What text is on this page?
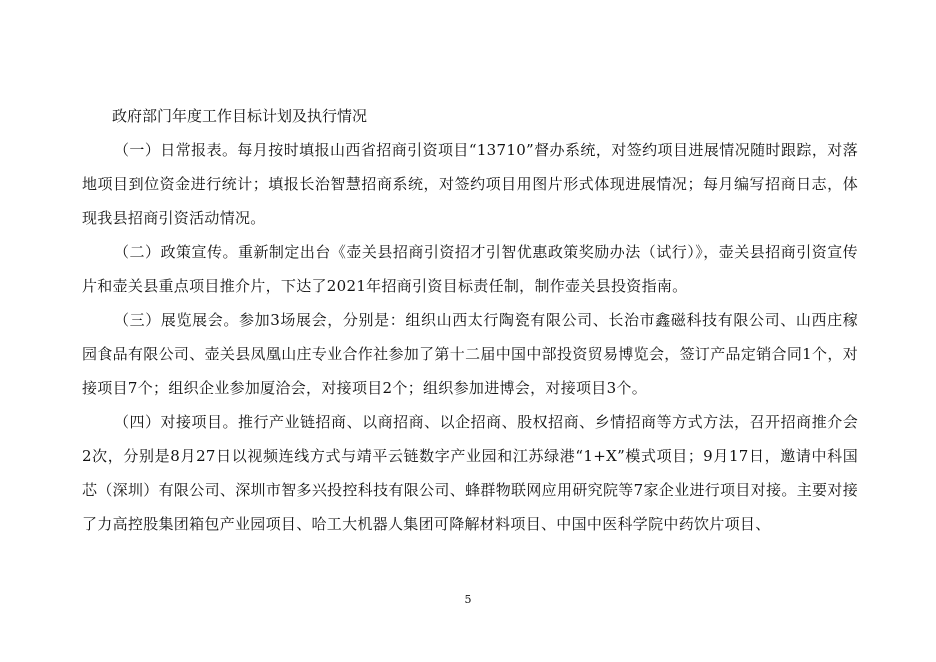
政府部门年度工作目标计划及执行情况

（一）日常报表。每月按时填报山西省招商引资项目“13710”督办系统，对签约项目进展情况随时跟踪，对落地项目到位资金进行统计；填报长治智慧招商系统，对签约项目用图片形式体现进展情况；每月编写招商日志，体现我县招商引资活动情况。

（二）政策宣传。重新制定出台《壶关县招商引资招才引智优惠政策奖励办法（试行）》，壶关县招商引资宣传片和壶关县重点项目推介片，下达了2021年招商引资目标责任制，制作壶关县投资指南。

（三）展览展会。参加3场展会，分别是：组织山西太行陶瓷有限公司、长治市鑫磁科技有限公司、山西庄稼园食品有限公司、壶关县凤凰山庄专业合作社参加了第十二届中国中部投资贸易博览会，签订产品定销合同1个，对接项目7个；组织企业参加厦洽会，对接项目2个；组织参加进博会，对接项目3个。

（四）对接项目。推行产业链招商、以商招商、以企招商、股权招商、乡情招商等方式方法，召开招商推介会2次，分别是8月27日以视频连线方式与靖平云链数字产业园和江苏绿港“1+X”模式项目；9月17日，邀请中科国芯（深圳）有限公司、深圳市智多兴投控科技有限公司、蜂群物联网应用研究院等7家企业进行项目对接。主要对接了力高控股集团箱包产业园项目、哈工大机器人集团可降解材料项目、中国中医科学院中药饮片项目、

5
